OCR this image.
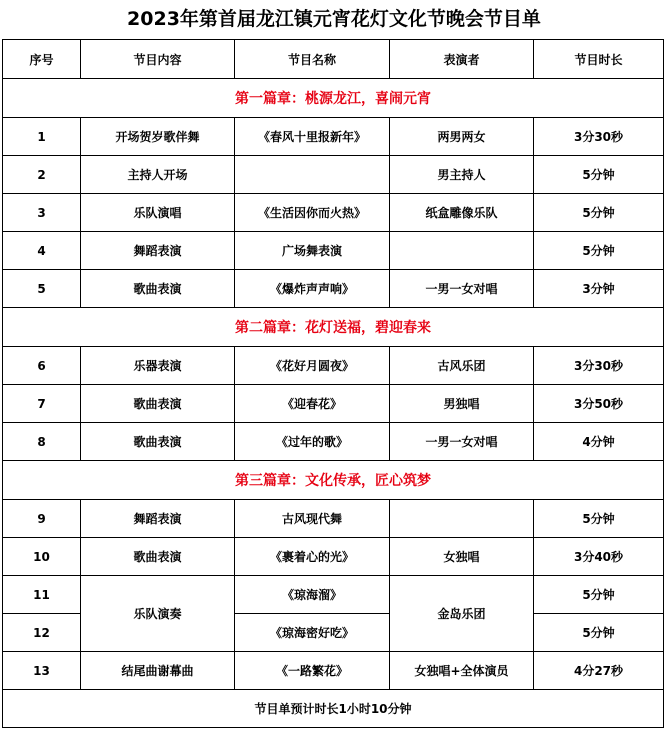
2023年第首届龙江镇元宵花灯文化节晚会节目单
序号	节目内容	节目名称	表演者	节目时长
第一篇章：桃源龙江，喜闹元宵				
1	开场贺岁歌伴舞	《春风十里报新年》	两男两女	3分30秒
2	主持人开场		男主持人	5分钟
3	乐队演唱	《生活因你而火热》	纸盒雕像乐队	5分钟
4	舞蹈表演	广场舞表演		5分钟
5	歌曲表演	《爆炸声声响》	一男一女对唱	3分钟
第二篇章：花灯送福，碧迎春来				
6	乐器表演	《花好月圆夜》	古风乐团	3分30秒
7	歌曲表演	《迎春花》	男独唱	3分50秒
8	歌曲表演	《过年的歌》	一男一女对唱	4分钟
第三篇章：文化传承，匠心筑梦				
9	舞蹈表演	古风现代舞		5分钟
10	歌曲表演	《裹着心的光》	女独唱	3分40秒
11	乐队演奏	《琼海溜》	金岛乐团	5分钟
12		《琼海密好吃》		5分钟
13	结尾曲谢幕曲	《一路繁花》	女独唱+全体演员	4分27秒
节目单预计时长1小时10分钟				
